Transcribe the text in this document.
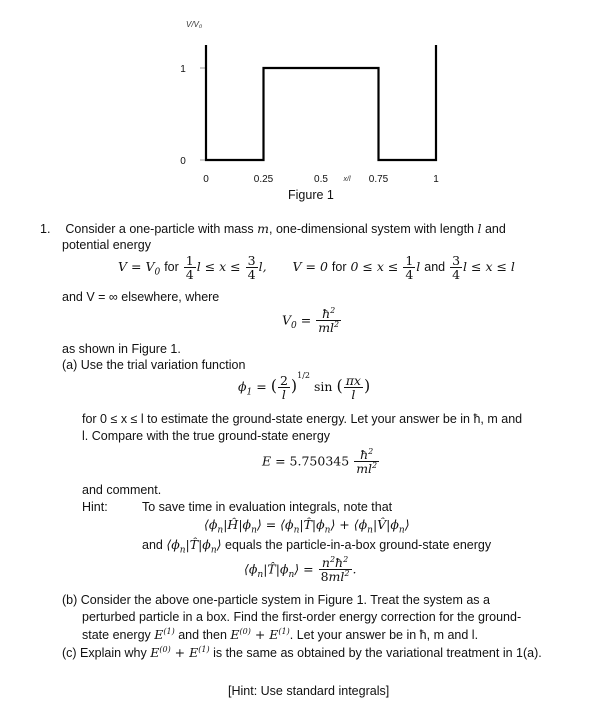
V/V₀
0
1
0	0.25	0.5	0.75	1
x/l
Figure 1
1. Consider a one-particle with mass m, one-dimensional system with length l and
potential energy
$V = V_0$ for $\frac{1}{4}$ $l \le x \le \frac{3}{4} l$,  V = 0 for $0 \le x \le \frac{1}{4}$ l and $\frac{3}{4}$ l ≤ x ≤ l
and V = ∞ elsewhere, where
$V_0 = \frac{ħ^2}{ml^2}$
as shown in Figure 1.
(a) Use the trial variation function
$\phi_1$ = ( $\frac{2}{l} )^{1/2}$ sin ( $\frac{\pi x}{l}$ )
for 0 ≤ x ≤ l to estimate the ground-state energy. Let your answer be in ħ, m and
l. Compare with the true ground-state energy
$E = 5.750345 \frac{ħ^2}{ml^2}$
and comment.
Hint:	To save time in evaluation integrals, note that
$⟨\phi_n|Ĥ|\phi_n⟩$ = $⟨\phi_n|T̂|\phi_n⟩$ + $⟨\phi_n|V̂|\phi_n⟩$
and $⟨\phi_n|T̂|\phi_n⟩$ equals the particle-in-a-box ground-state energy
$⟨\phi_n|T̂|\phi_n⟩ = \frac{n^2ħ^2}{8ml^2}$ .
(b) Consider the above one-particle system in Figure 1. Treat the system as a
perturbed particle in a box. Find the first-order energy correction for the ground-
state energy $E^{(1)}$ and then $E^{(0)} + E^{(1)}$. Let your answer be in ħ, m and l.
(c) Explain why $E^{(0)} + E^{(1)}$ is the same as obtained by the variational treatment in 1(a).
[Hint: Use standard integrals]
